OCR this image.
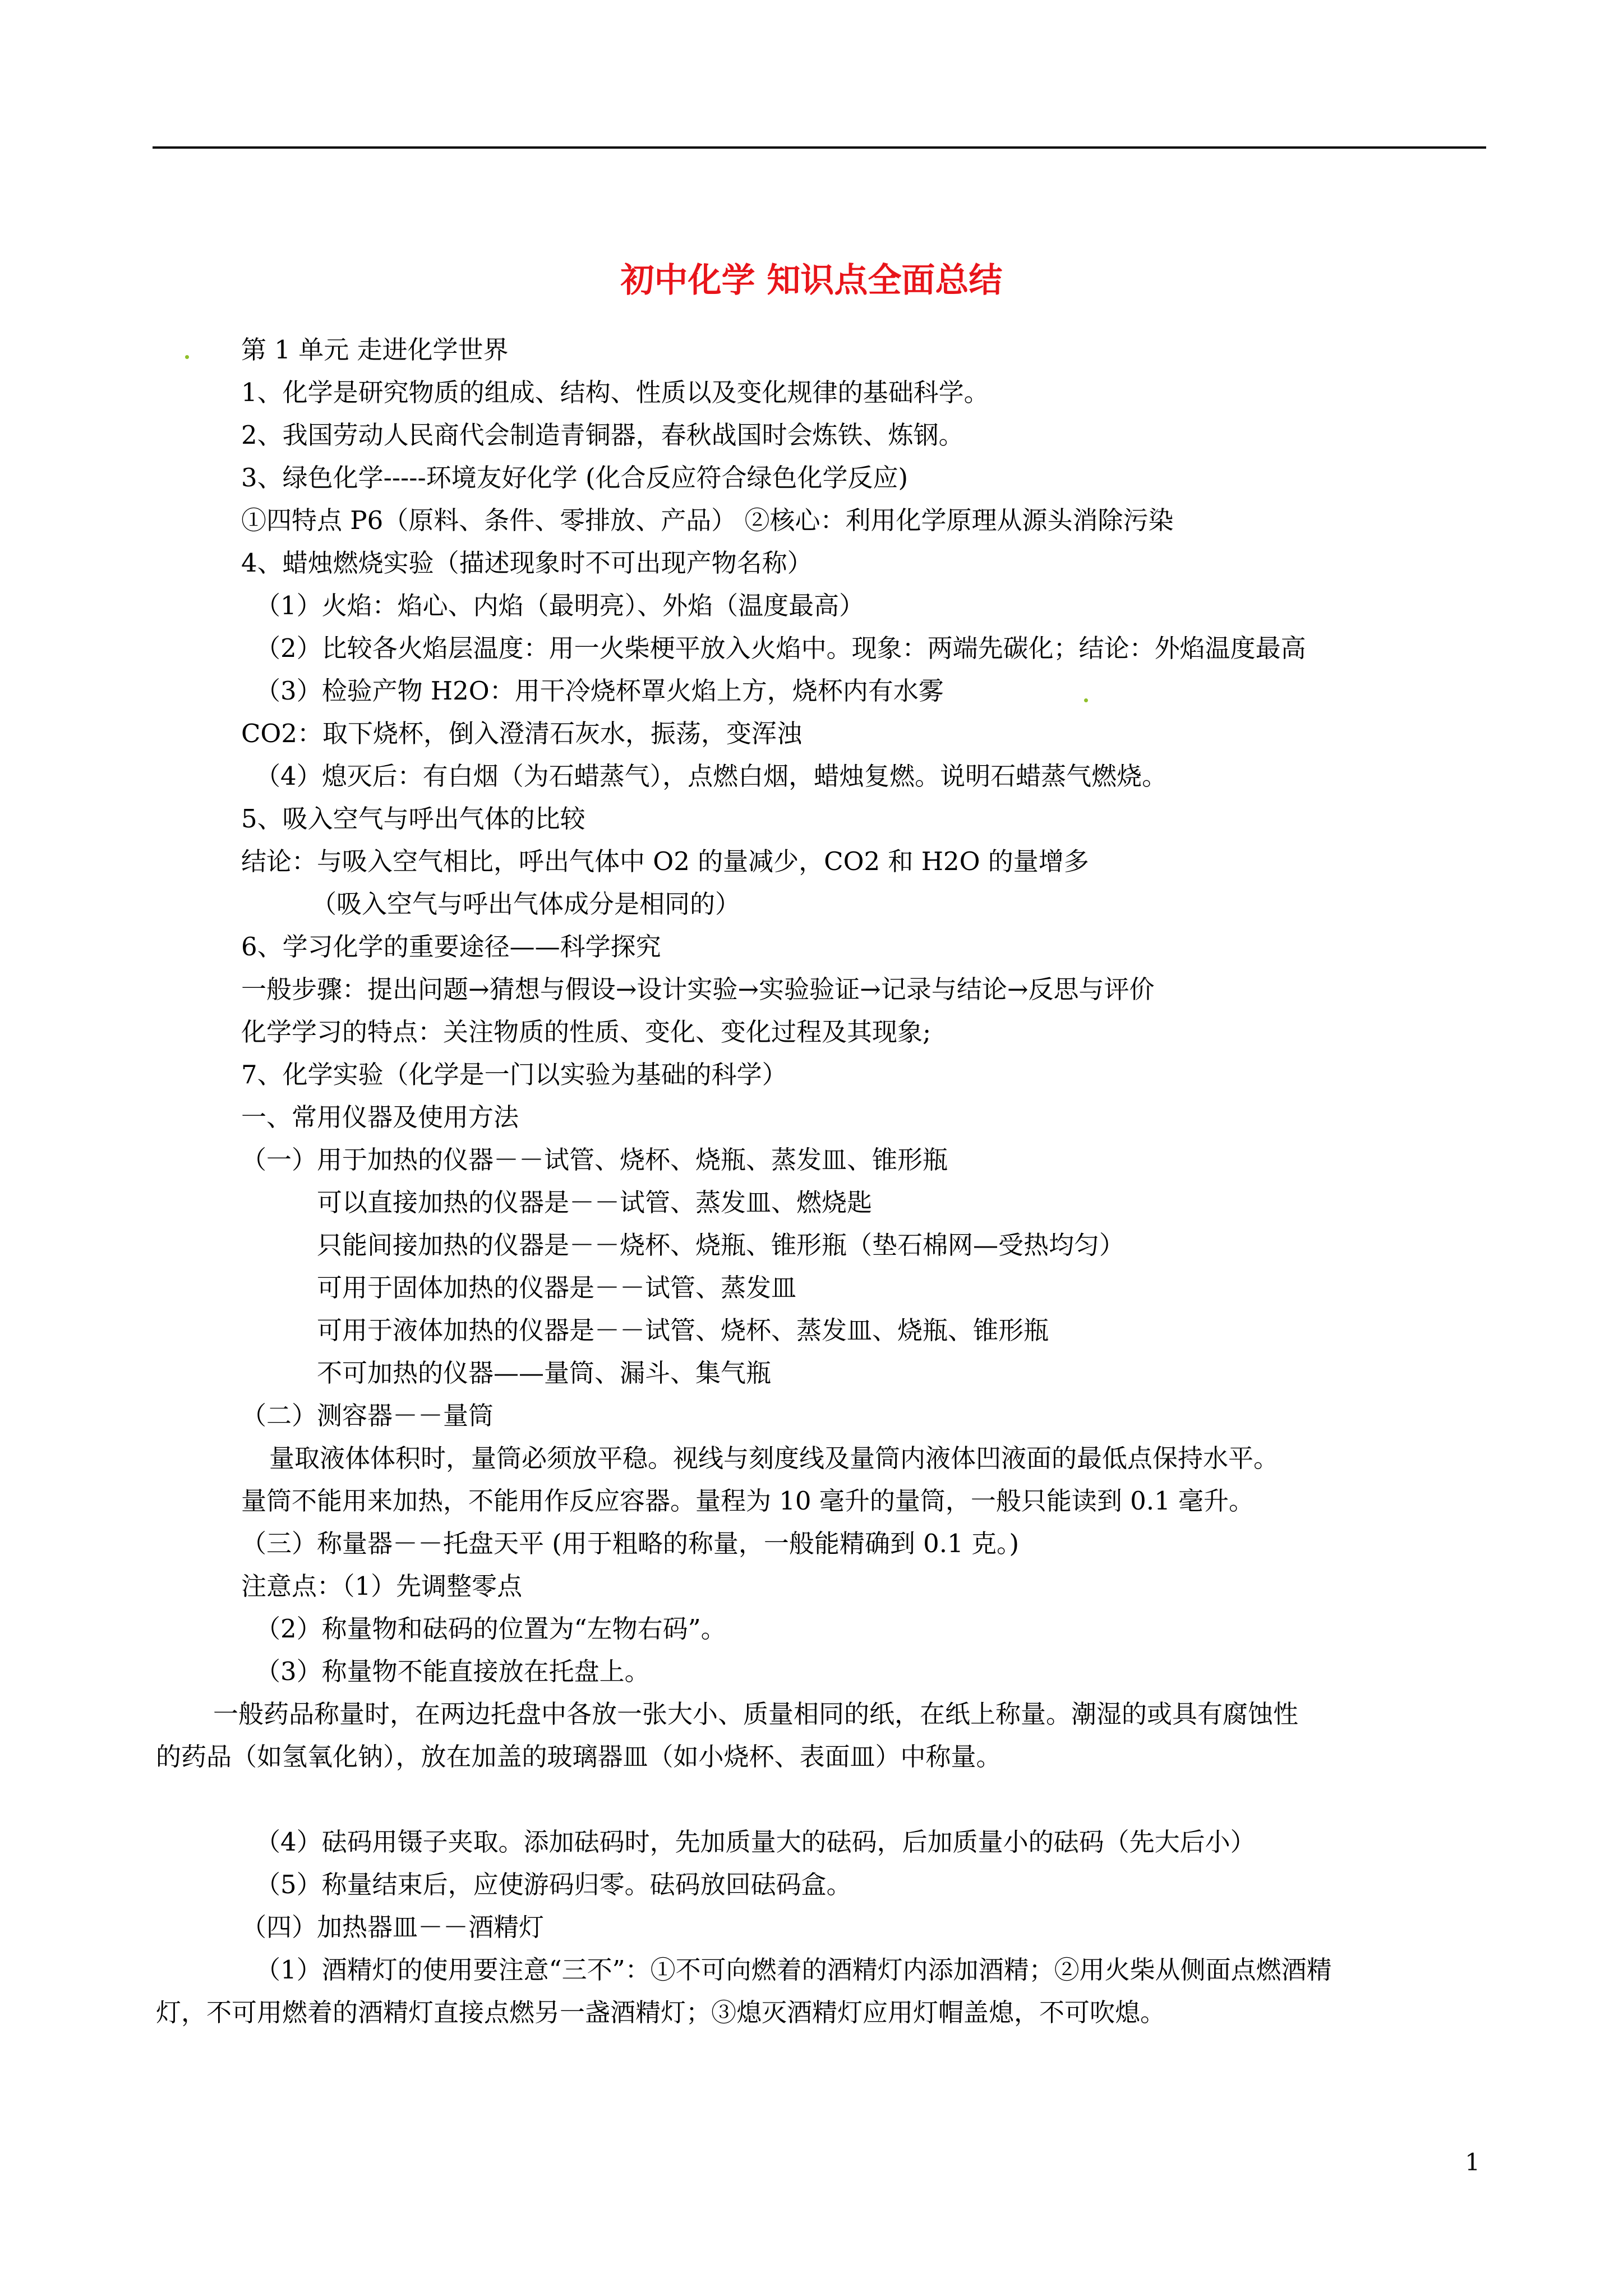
初中化学 知识点全面总结
第 1 单元 走进化学世界
1、化学是研究物质的组成、结构、性质以及变化规律的基础科学。
2、我国劳动人民商代会制造青铜器，春秋战国时会炼铁、炼钢。
3、绿色化学-----环境友好化学 (化合反应符合绿色化学反应)
①四特点 P6（原料、条件、零排放、产品） ②核心：利用化学原理从源头消除污染
4、蜡烛燃烧实验（描述现象时不可出现产物名称）
（1）火焰：焰心、内焰（最明亮）、外焰（温度最高）
（2）比较各火焰层温度：用一火柴梗平放入火焰中。现象：两端先碳化；结论：外焰温度最高
（3）检验产物 H2O：用干冷烧杯罩火焰上方，烧杯内有水雾
CO2：取下烧杯，倒入澄清石灰水，振荡，变浑浊
（4）熄灭后：有白烟（为石蜡蒸气），点燃白烟，蜡烛复燃。说明石蜡蒸气燃烧。
5、吸入空气与呼出气体的比较
结论：与吸入空气相比，呼出气体中 O2 的量减少，CO2 和 H2O 的量增多
（吸入空气与呼出气体成分是相同的）
6、学习化学的重要途径——科学探究
一般步骤：提出问题→猜想与假设→设计实验→实验验证→记录与结论→反思与评价
化学学习的特点：关注物质的性质、变化、变化过程及其现象;
7、化学实验（化学是一门以实验为基础的科学）
一、常用仪器及使用方法
（一）用于加热的仪器－－试管、烧杯、烧瓶、蒸发皿、锥形瓶
可以直接加热的仪器是－－试管、蒸发皿、燃烧匙
只能间接加热的仪器是－－烧杯、烧瓶、锥形瓶（垫石棉网—受热均匀）
可用于固体加热的仪器是－－试管、蒸发皿
可用于液体加热的仪器是－－试管、烧杯、蒸发皿、烧瓶、锥形瓶
不可加热的仪器——量筒、漏斗、集气瓶
（二）测容器－－量筒
量取液体体积时，量筒必须放平稳。视线与刻度线及量筒内液体凹液面的最低点保持水平。
量筒不能用来加热，不能用作反应容器。量程为 10 毫升的量筒，一般只能读到 0.1 毫升。
（三）称量器－－托盘天平 (用于粗略的称量，一般能精确到 0.1 克。)
注意点：（1）先调整零点
（2）称量物和砝码的位置为“左物右码”。
（3）称量物不能直接放在托盘上。
一般药品称量时，在两边托盘中各放一张大小、质量相同的纸，在纸上称量。潮湿的或具有腐蚀性
的药品（如氢氧化钠），放在加盖的玻璃器皿（如小烧杯、表面皿）中称量。
（4）砝码用镊子夹取。添加砝码时，先加质量大的砝码，后加质量小的砝码（先大后小）
（5）称量结束后，应使游码归零。砝码放回砝码盒。
（四）加热器皿－－酒精灯
（1）酒精灯的使用要注意“三不”：①不可向燃着的酒精灯内添加酒精；②用火柴从侧面点燃酒精
灯，不可用燃着的酒精灯直接点燃另一盏酒精灯；③熄灭酒精灯应用灯帽盖熄，不可吹熄。
1
